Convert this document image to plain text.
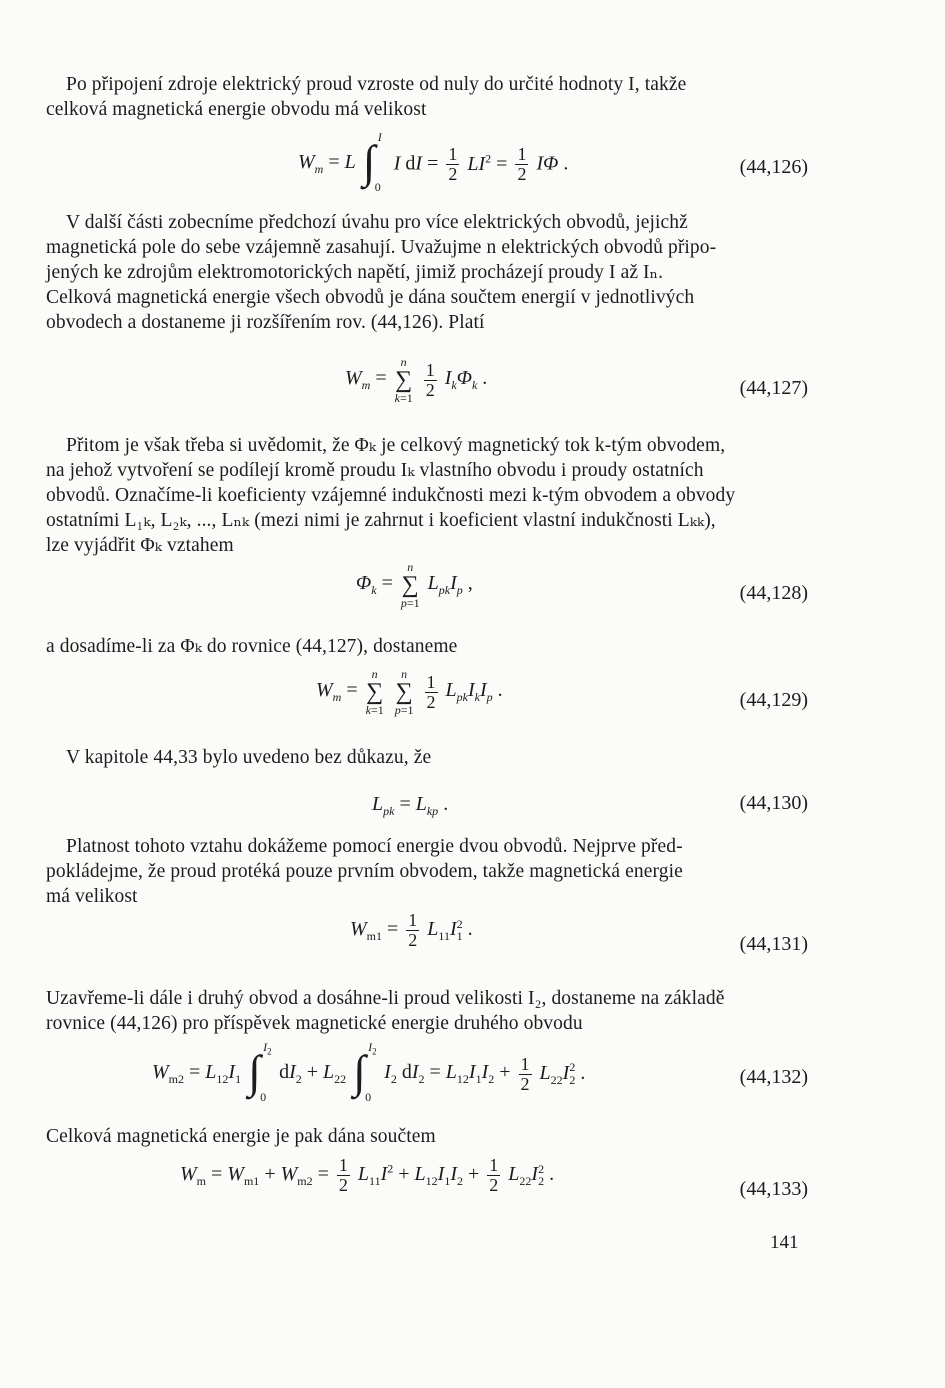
Po připojení zdroje elektrický proud vzroste od nuly do určité hodnoty I, takže
celková magnetická energie obvodu má velikost

$W_m = L$ ∫ I
0
I dI = $\frac{1}{2} LI^2 = \frac{1}{2}$ IΦ .	(44,126)

V další části zobecníme předchozí úvahu pro více elektrických obvodů, jejichž
magnetická pole do sebe vzájemně zasahují. Uvažujme n elektrických obvodů připo-
jených ke zdrojům elektromotorických napětí, jimiž procházejí proudy I až Iₙ.
Celková magnetická energie všech obvodů je dána součtem energií v jednotlivých
obvodech a dostaneme ji rozšířením rov. (44,126). Platí

$W_m$ =
n
∑
k=1
$\frac{1}{2} I_k\Phi_k$ .	(44,127)

Přitom je však třeba si uvědomit, že Φₖ je celkový magnetický tok k-tým obvodem,
na jehož vytvoření se podílejí kromě proudu Iₖ vlastního obvodu i proudy ostatních
obvodů. Označíme-li koeficienty vzájemné indukčnosti mezi k-tým obvodem a obvody
ostatními L₁ₖ, L₂ₖ, ..., Lₙₖ (mezi nimi je zahrnut i koeficient vlastní indukčnosti Lₖₖ),
lze vyjádřit Φₖ vztahem

$\Phi_k$ =
n
∑
p=1
$L_{pk}I_p$ ,	(44,128)

a dosadíme-li za Φₖ do rovnice (44,127), dostaneme

$W_m$ =
n
∑
k=1

n
∑
p=1
$\frac{1}{2} L_{pk}I_kI_p$ .	(44,129)

V kapitole 44,33 bylo uvedeno bez důkazu, že

$L_{pk} = L_{kp}$ .	(44,130)

Platnost tohoto vztahu dokážeme pomocí energie dvou obvodů. Nejprve před-
pokládejme, že proud protéká pouze prvním obvodem, takže magnetická energie
má velikost

$W_{m1} = \frac{1}{2} L_{11}I_1^2$ .
(44,131)

Uzavřeme-li dále i druhý obvod a dosáhne-li proud velikosti I₂, dostaneme na základě
rovnice (44,126) pro příspěvek magnetické energie druhého obvodu

$W_{m2} = L_{12}I_1$ ∫ $I_2$
0
$dI_2 + L_{22}$ ∫ $I_2$
0
$I_2$ $dI_2 = L_{12}I_1I_2 + \frac{1}{2} L_{22}I_2^2$ .	(44,132)

Celková magnetická energie je pak dána součtem

$W_m = W_{m1} + W_{m2} = \frac{1}{2} L_{11}I^2 + L_{12}I_1I_2 + \frac{1}{2} L_{22}I_2^2$ .
(44,133)
141
